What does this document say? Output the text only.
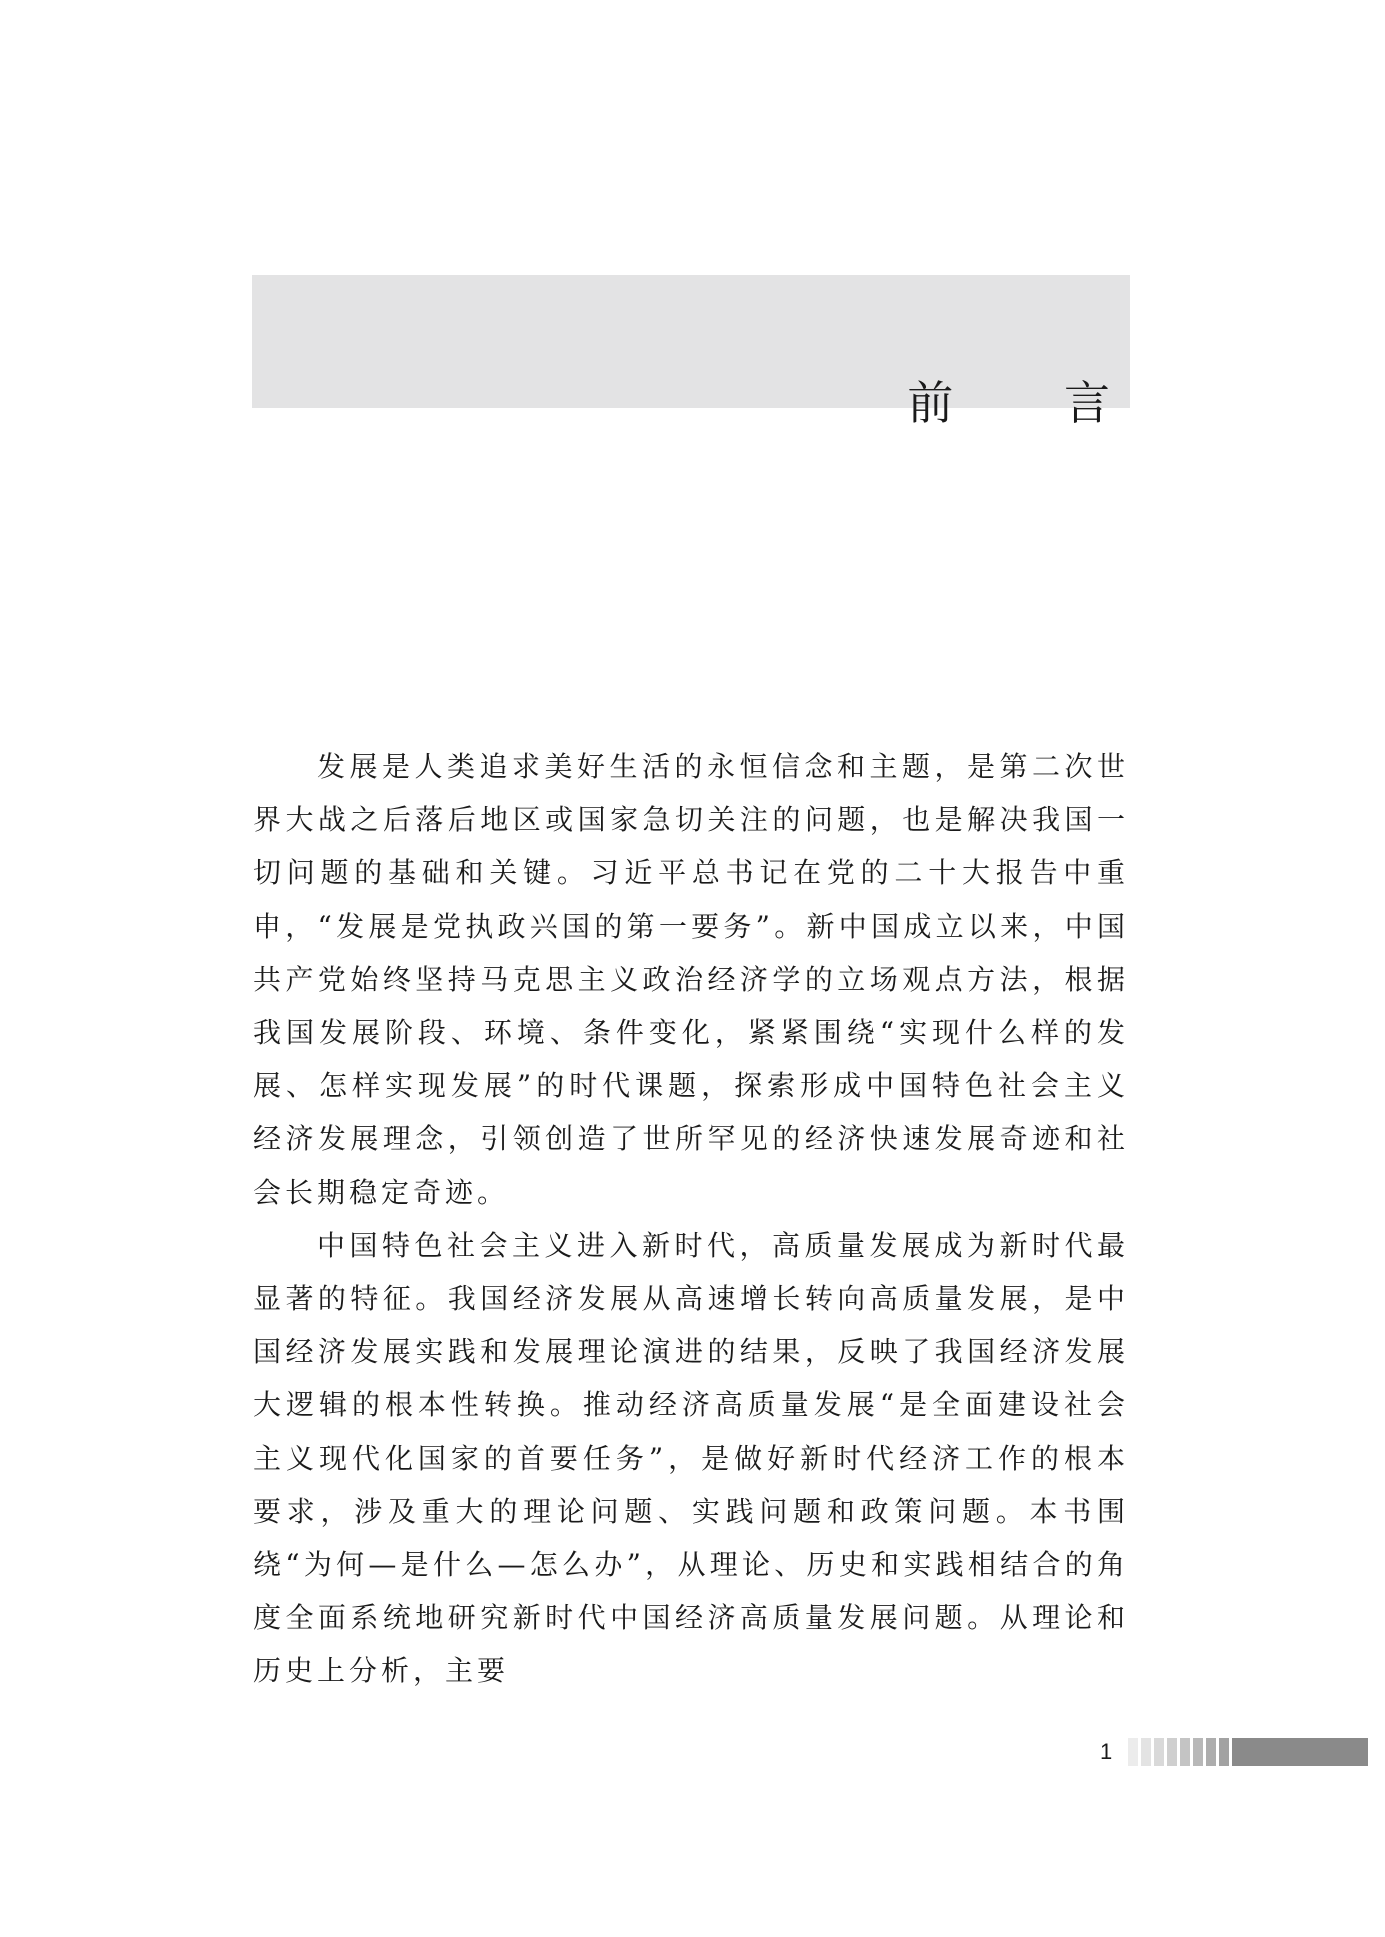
前 言

发展是人类追求美好生活的永恒信念和主题，是第二次世界大战之后落后地区或国家急切关注的问题，也是解决我国一切问题的基础和关键。习近平总书记在党的二十大报告中重申，“发展是党执政兴国的第一要务”。新中国成立以来，中国共产党始终坚持马克思主义政治经济学的立场观点方法，根据我国发展阶段、环境、条件变化，紧紧围绕“实现什么样的发展、怎样实现发展”的时代课题，探索形成中国特色社会主义经济发展理念，引领创造了世所罕见的经济快速发展奇迹和社会长期稳定奇迹。

中国特色社会主义进入新时代，高质量发展成为新时代最显著的特征。我国经济发展从高速增长转向高质量发展，是中国经济发展实践和发展理论演进的结果，反映了我国经济发展大逻辑的根本性转换。推动经济高质量发展“是全面建设社会主义现代化国家的首要任务”，是做好新时代经济工作的根本要求，涉及重大的理论问题、实践问题和政策问题。本书围绕“为何—是什么—怎么办”，从理论、历史和实践相结合的角度全面系统地研究新时代中国经济高质量发展问题。从理论和历史上分析，主要

1
